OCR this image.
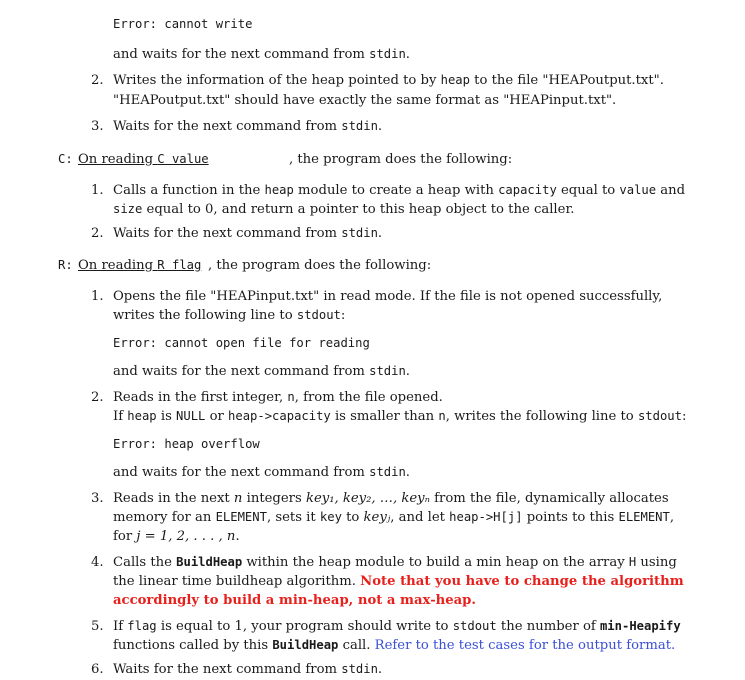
Error: cannot write
and waits for the next command from stdin.
2. Writes the information of the heap pointed to by heap to the file "HEAPoutput.txt".
"HEAPoutput.txt" should have exactly the same format as "HEAPinput.txt".
3. Waits for the next command from stdin.
C: On reading C value	, the program does the following:
1. Calls a function in the heap module to create a heap with capacity equal to value and
size equal to 0, and return a pointer to this heap object to the caller.
2. Waits for the next command from stdin.
R: On reading R flag , the program does the following:
1. Opens the file "HEAPinput.txt" in read mode. If the file is not opened successfully,
writes the following line to stdout:
Error: cannot open file for reading
and waits for the next command from stdin.
2. Reads in the first integer, n, from the file opened.
If heap is NULL or heap->capacity is smaller than n, writes the following line to stdout:
Error: heap overflow
and waits for the next command from stdin.
3. Reads in the next n integers key₁, key₂, …, keyₙ from the file, dynamically allocates
memory for an ELEMENT, sets it key to keyⱼ, and let heap->H[j] points to this ELEMENT,
for j = 1, 2, . . . , n.
4. Calls the BuildHeap within the heap module to build a min heap on the array H using
the linear time buildheap algorithm. Note that you have to change the algorithm
accordingly to build a min-heap, not a max-heap.
5. If flag is equal to 1, your program should write to stdout the number of min-Heapify
functions called by this BuildHeap call. Refer to the test cases for the output format.
6. Waits for the next command from stdin.
